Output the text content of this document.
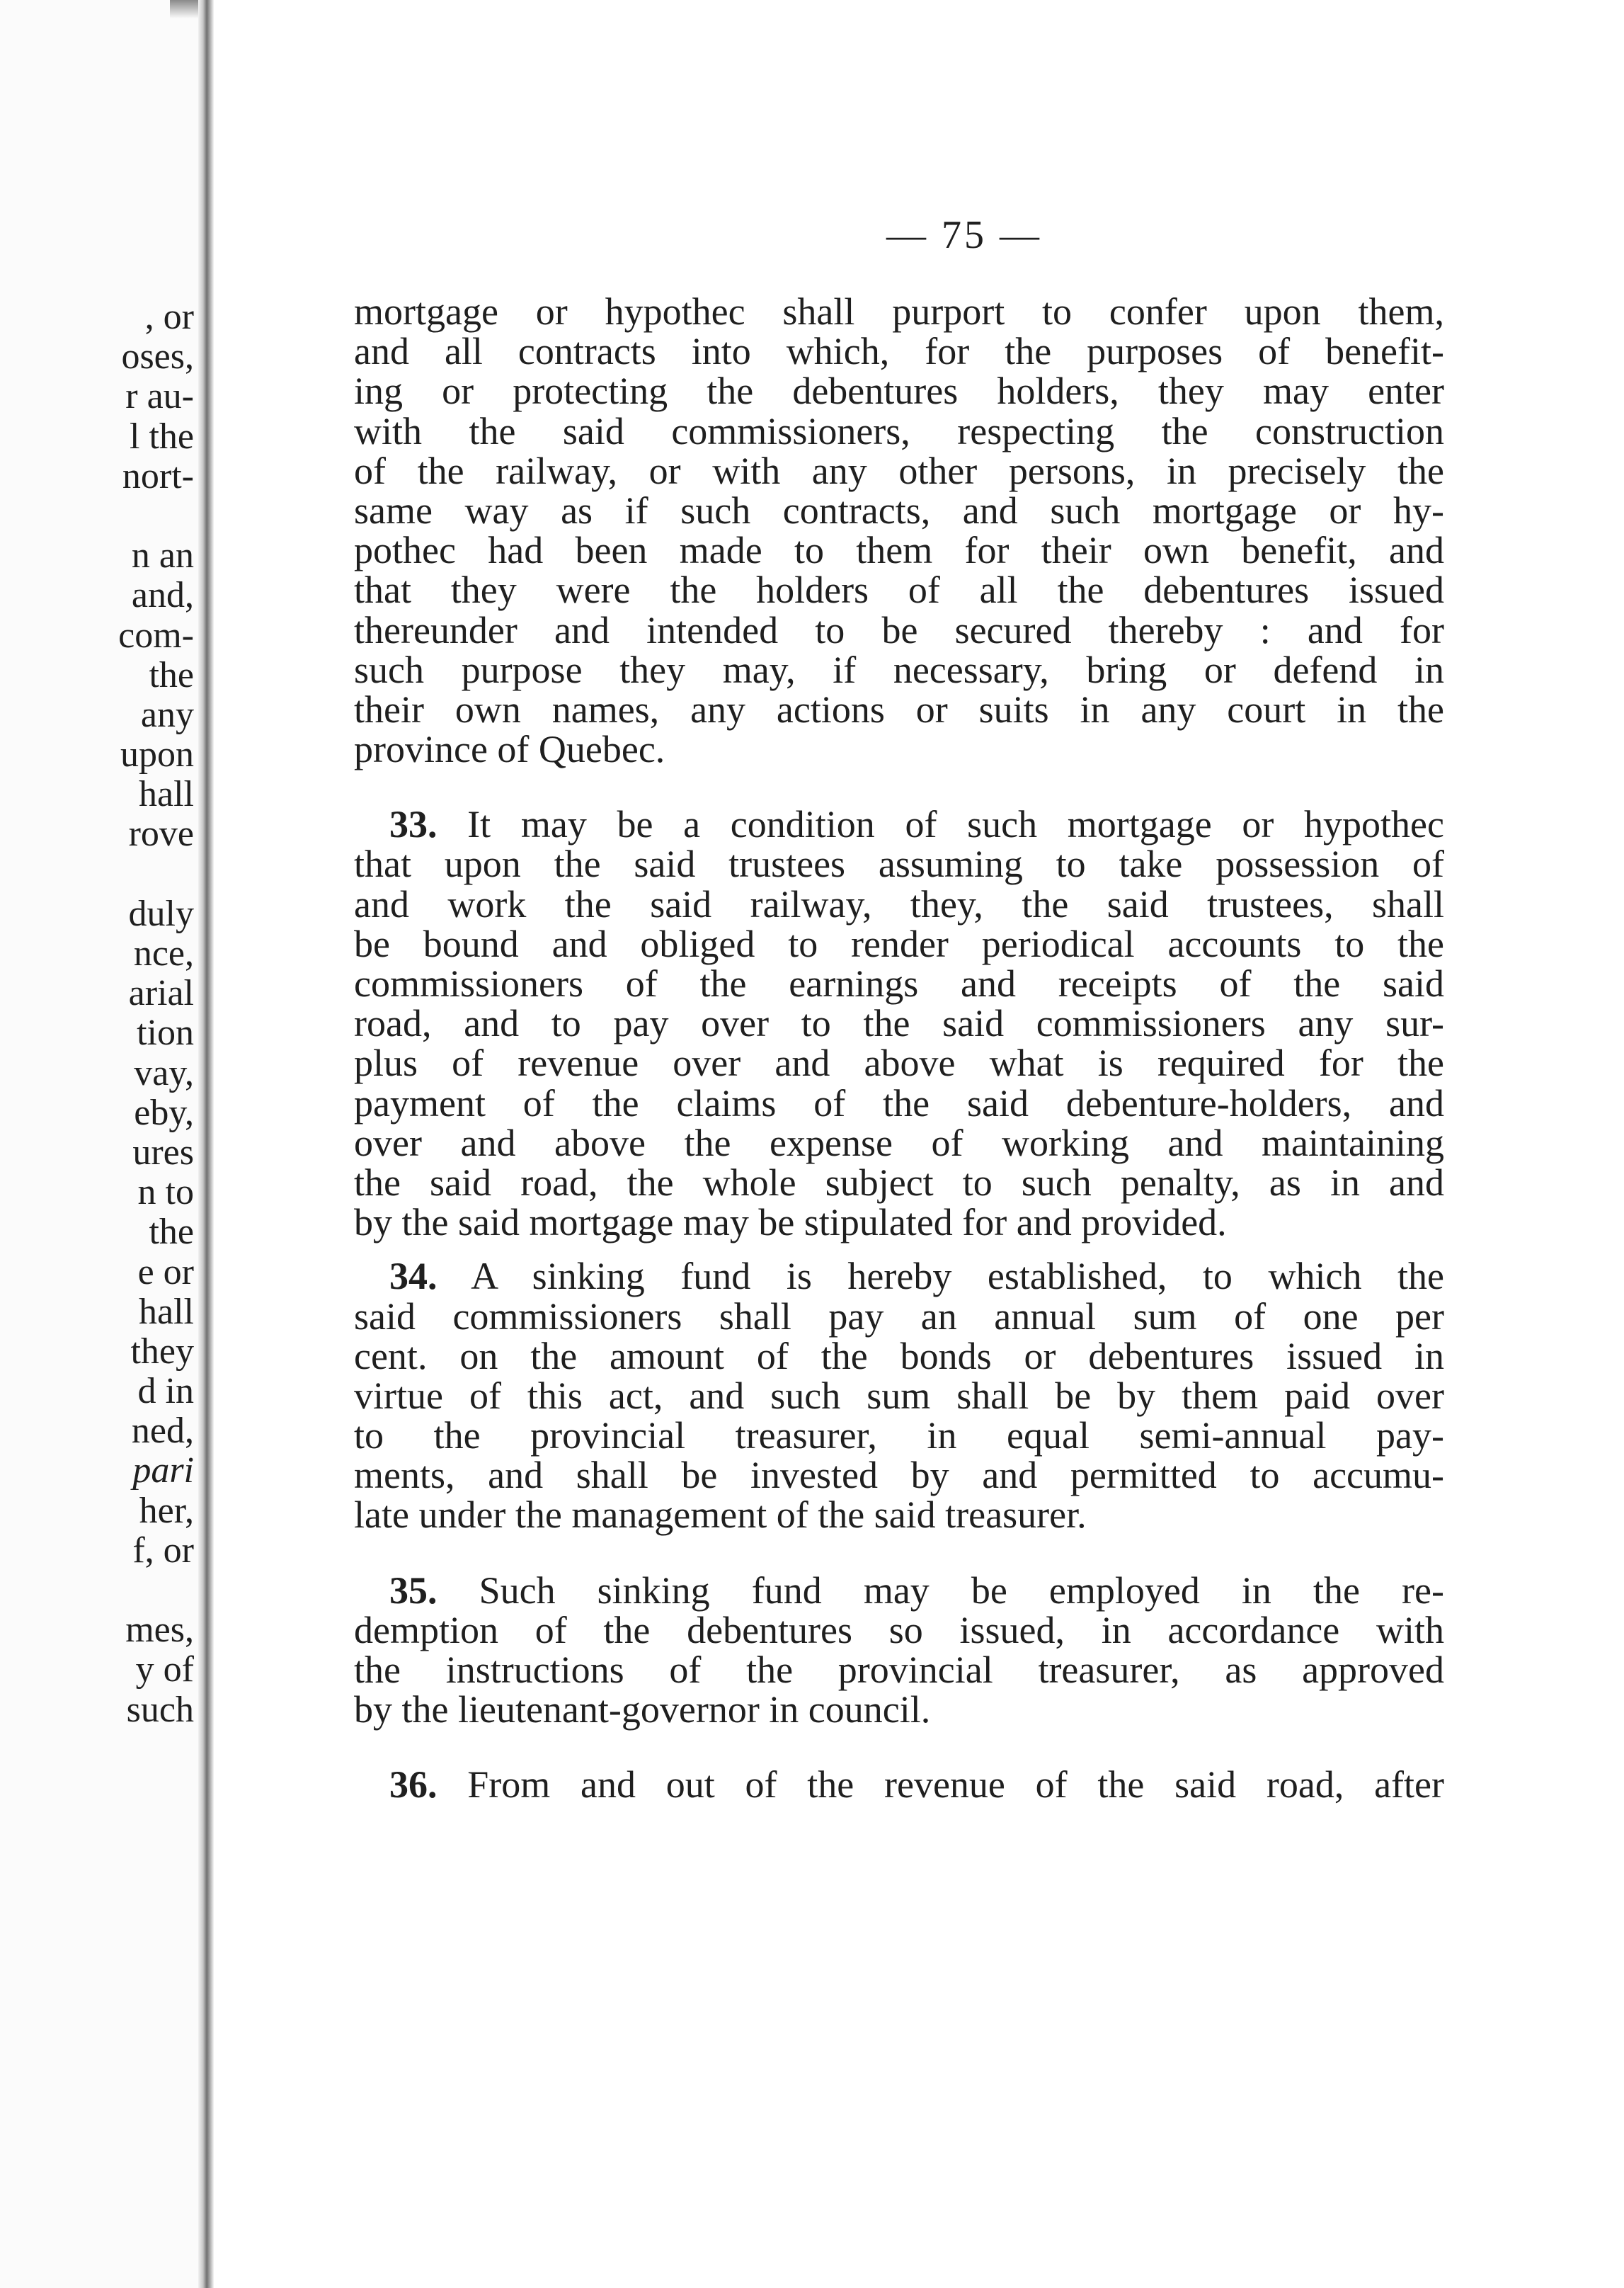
, or
oses,
r au-
l the
nort-
n an
and,
com-
the
any
upon
hall
rove
duly
nce,
arial
tion
vay,
eby,
ures
n to
the
e or
hall
they
d in
ned,
pari
her,
f, or
mes,
y of
such
— 75 —
mortgage or hypothec shall purport to confer upon them,
and all contracts into which, for the purposes of benefit-
ing or protecting the debentures holders, they may enter
with the said commissioners, respecting the construction
of the railway, or with any other persons, in precisely the
same way as if such contracts, and such mortgage or hy-
pothec had been made to them for their own benefit, and
that they were the holders of all the debentures issued
thereunder and intended to be secured thereby : and for
such purpose they may, if necessary, bring or defend in
their own names, any actions or suits in any court in the
province of Quebec.
33. It may be a condition of such mortgage or hypothec
that upon the said trustees assuming to take possession of
and work the said railway, they, the said trustees, shall
be bound and obliged to render periodical accounts to the
commissioners of the earnings and receipts of the said
road, and to pay over to the said commissioners any sur-
plus of revenue over and above what is required for the
payment of the claims of the said debenture-holders, and
over and above the expense of working and maintaining
the said road, the whole subject to such penalty, as in and
by the said mortgage may be stipulated for and provided.
34. A sinking fund is hereby established, to which the
said commissioners shall pay an annual sum of one per
cent. on the amount of the bonds or debentures issued in
virtue of this act, and such sum shall be by them paid over
to the provincial treasurer, in equal semi-annual pay-
ments, and shall be invested by and permitted to accumu-
late under the management of the said treasurer.
35. Such sinking fund may be employed in the re-
demption of the debentures so issued, in accordance with
the instructions of the provincial treasurer, as approved
by the lieutenant-governor in council.
36. From and out of the revenue of the said road, after
